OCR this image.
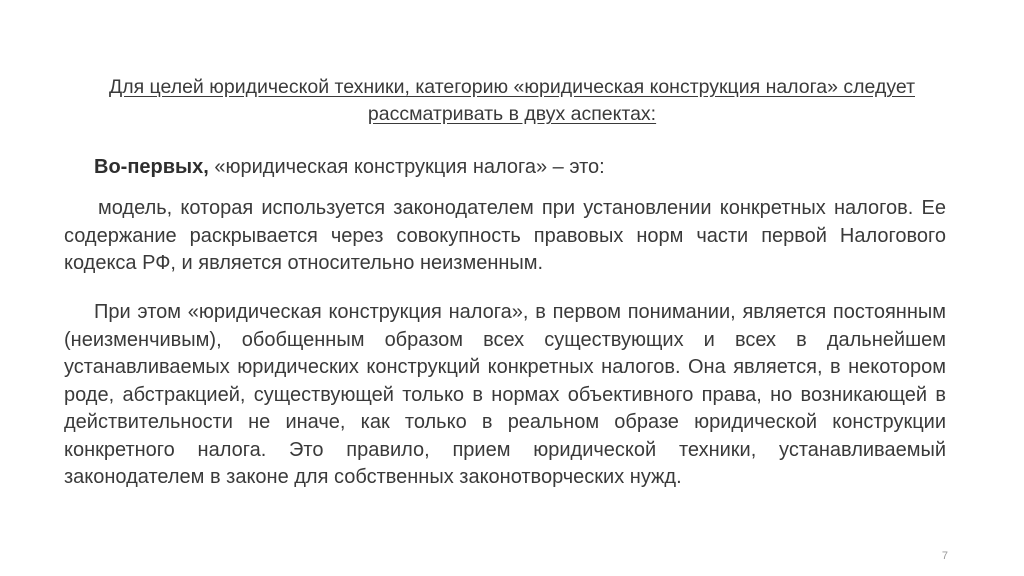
Для целей юридической техники, категорию «юридическая конструкция налога» следует рассматривать в двух аспектах:
Во-первых, «юридическая конструкция налога» – это:
модель, которая используется законодателем при установлении конкретных налогов. Ее содержание раскрывается через совокупность правовых норм части первой Налогового кодекса РФ, и является относительно неизменным.
При этом «юридическая конструкция налога», в первом понимании, является постоянным (неизменчивым), обобщенным образом всех существующих и всех в дальнейшем устанавливаемых юридических конструкций конкретных налогов. Она является, в некотором роде, абстракцией, существующей только в нормах объективного права, но возникающей в действительности не иначе, как только в реальном образе юридической конструкции конкретного налога. Это правило, прием юридической техники, устанавливаемый законодателем в законе для собственных законотворческих нужд.
7
